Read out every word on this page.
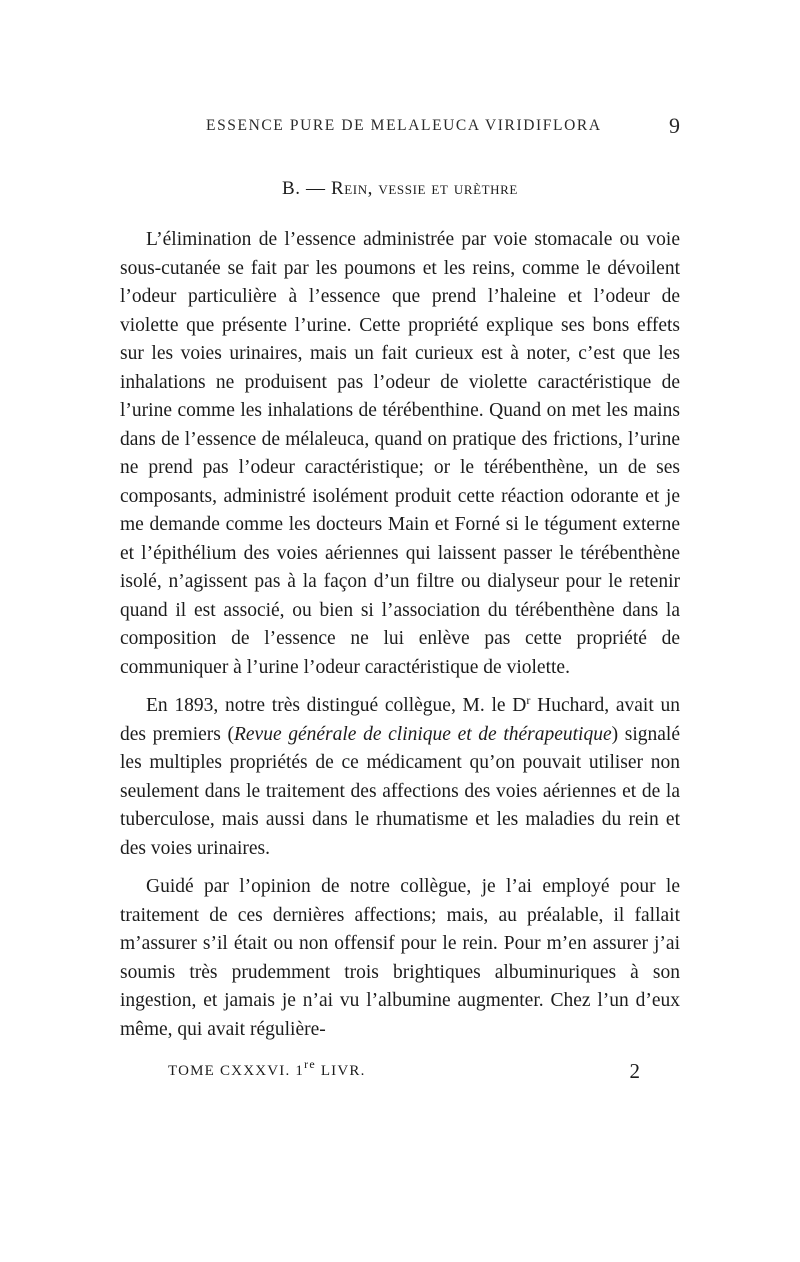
ESSENCE PURE DE MELALEUCA VIRIDIFLORA	9
B. — Rein, vessie et urèthre

L’élimination de l’essence administrée par voie stomacale ou voie sous-cutanée se fait par les poumons et les reins, comme le dévoilent l’odeur particulière à l’essence que prend l’haleine et l’odeur de violette que présente l’urine. Cette propriété explique ses bons effets sur les voies urinaires, mais un fait curieux est à noter, c’est que les inhalations ne produisent pas l’odeur de violette caractéristique de l’urine comme les inhalations de térébenthine. Quand on met les mains dans de l’essence de mélaleuca, quand on pratique des frictions, l’urine ne prend pas l’odeur caractéristique; or le térébenthène, un de ses composants, administré isolément produit cette réaction odorante et je me demande comme les docteurs Main et Forné si le tégument externe et l’épithélium des voies aériennes qui laissent passer le térébenthène isolé, n’agissent pas à la façon d’un filtre ou dialyseur pour le retenir quand il est associé, ou bien si l’association du térébenthène dans la composition de l’essence ne lui enlève pas cette propriété de communiquer à l’urine l’odeur caractéristique de violette.

En 1893, notre très distingué collègue, M. le $D^r$ Huchard, avait un des premiers (Revue générale de clinique et de thérapeutique) signalé les multiples propriétés de ce médicament qu’on pouvait utiliser non seulement dans le traitement des affections des voies aériennes et de la tuberculose, mais aussi dans le rhumatisme et les maladies du rein et des voies urinaires.

Guidé par l’opinion de notre collègue, je l’ai employé pour le traitement de ces dernières affections; mais, au préalable, il fallait m’assurer s’il était ou non offensif pour le rein. Pour m’en assurer j’ai soumis très prudemment trois brightiques albuminuriques à son ingestion, et jamais je n’ai vu l’albumine augmenter. Chez l’un d’eux même, qui avait régulière-

TOME CXXXVI. 1re LIVR.	2
